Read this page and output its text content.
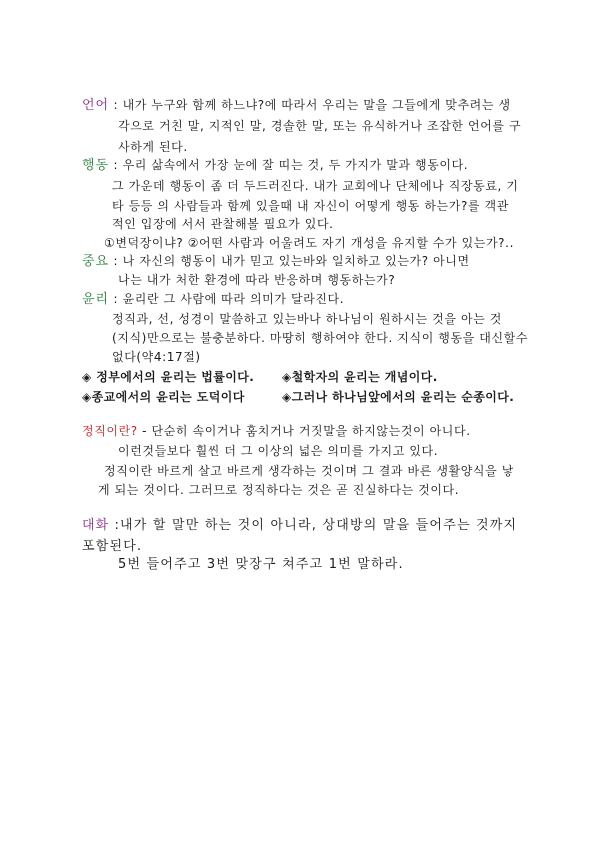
언어 : 내가 누구와 함께 하느냐?에 따라서 우리는 말을 그들에게 맞추려는 생
각으로 거친 말, 지적인 말, 경솔한 말, 또는 유식하거나 조잡한 언어를 구
사하게 된다.
행동 : 우리 삶속에서 가장 눈에 잘 띠는 것, 두 가지가 말과 행동이다.
그 가운데 행동이 좀 더 두드러진다. 내가 교회에나 단체에나 직장동료, 기
타 등등 의 사람들과 함께 있을때 내 자신이 어떻게 행동 하는가?를 객관
적인 입장에 서서 관찰해볼 필요가 있다.
①변덕장이냐? ②어떤 사람과 어울려도 자기 개성을 유지할 수가 있는가?..
중요 : 나 자신의 행동이 내가 믿고 있는바와 일치하고 있는가? 아니면
나는 내가 처한 환경에 따라 반응하며 행동하는가?
윤리 : 윤리란 그 사람에 따라 의미가 달라진다.
정직과, 선, 성경이 말씀하고 있는바나 하나님이 원하시는 것을 아는 것
(지식)만으로는 불충분하다. 마땅히 행하여야 한다. 지식이 행동을 대신할수
없다(약4:17절)
◈ 정부에서의 윤리는 법률이다. ◈철학자의 윤리는 개념이다.
◈종교에서의 윤리는 도덕이다	◈그러나 하나님앞에서의 윤리는 순종이다.
정직이란? - 단순히 속이거나 훔치거나 거짓말을 하지않는것이 아니다.
이런것들보다 훨씬 더 그 이상의 넓은 의미를 가지고 있다.
정직이란 바르게 살고 바르게 생각하는 것이며 그 결과 바른 생활양식을 낳
게 되는 것이다. 그러므로 정직하다는 것은 곧 진실하다는 것이다.
대화 :내가 할 말만 하는 것이 아니라, 상대방의 말을 들어주는 것까지
포함된다.
5번 들어주고 3번 맞장구 쳐주고 1번 말하라.
